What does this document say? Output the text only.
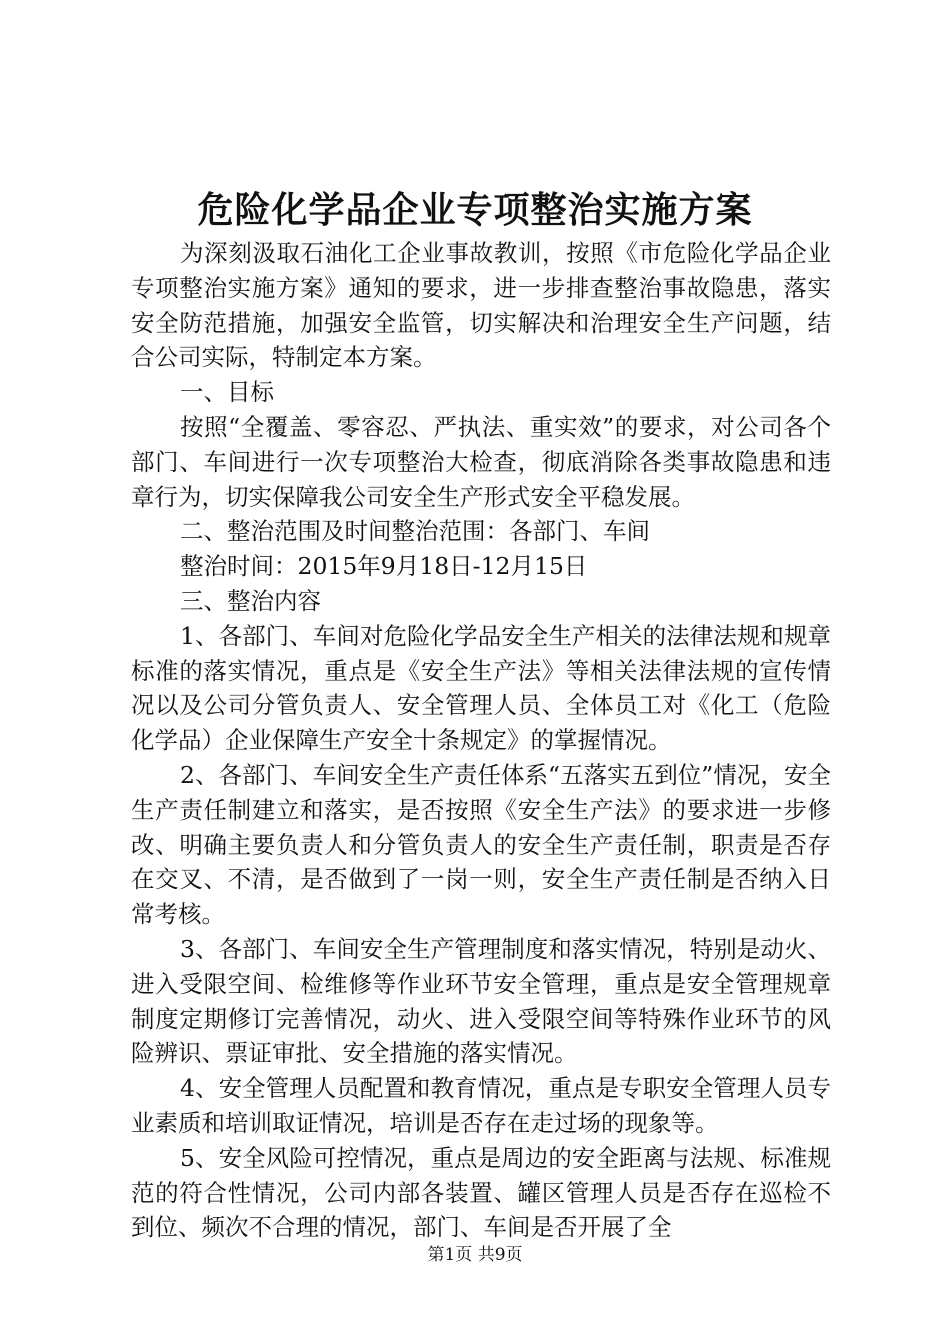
危险化学品企业专项整治实施方案

为深刻汲取石油化工企业事故教训，按照《市危险化学品企业专项整治实施方案》通知的要求，进一步排查整治事故隐患，落实安全防范措施，加强安全监管，切实解决和治理安全生产问题，结合公司实际，特制定本方案。

一、目标

按照“全覆盖、零容忍、严执法、重实效”的要求，对公司各个部门、车间进行一次专项整治大检查，彻底消除各类事故隐患和违章行为，切实保障我公司安全生产形式安全平稳发展。

二、整治范围及时间整治范围：各部门、车间

整治时间：2015年9月18日-12月15日

三、整治内容

1、各部门、车间对危险化学品安全生产相关的法律法规和规章标准的落实情况，重点是《安全生产法》等相关法律法规的宣传情况以及公司分管负责人、安全管理人员、全体员工对《化工（危险化学品）企业保障生产安全十条规定》的掌握情况。

2、各部门、车间安全生产责任体系“五落实五到位”情况，安全生产责任制建立和落实，是否按照《安全生产法》的要求进一步修改、明确主要负责人和分管负责人的安全生产责任制，职责是否存在交叉、不清，是否做到了一岗一则，安全生产责任制是否纳入日常考核。

3、各部门、车间安全生产管理制度和落实情况，特别是动火、进入受限空间、检维修等作业环节安全管理，重点是安全管理规章制度定期修订完善情况，动火、进入受限空间等特殊作业环节的风险辨识、票证审批、安全措施的落实情况。

4、安全管理人员配置和教育情况，重点是专职安全管理人员专业素质和培训取证情况，培训是否存在走过场的现象等。

5、安全风险可控情况，重点是周边的安全距离与法规、标准规范的符合性情况，公司内部各装置、罐区管理人员是否存在巡检不到位、频次不合理的情况，部门、车间是否开展了全

第1页 共9页
